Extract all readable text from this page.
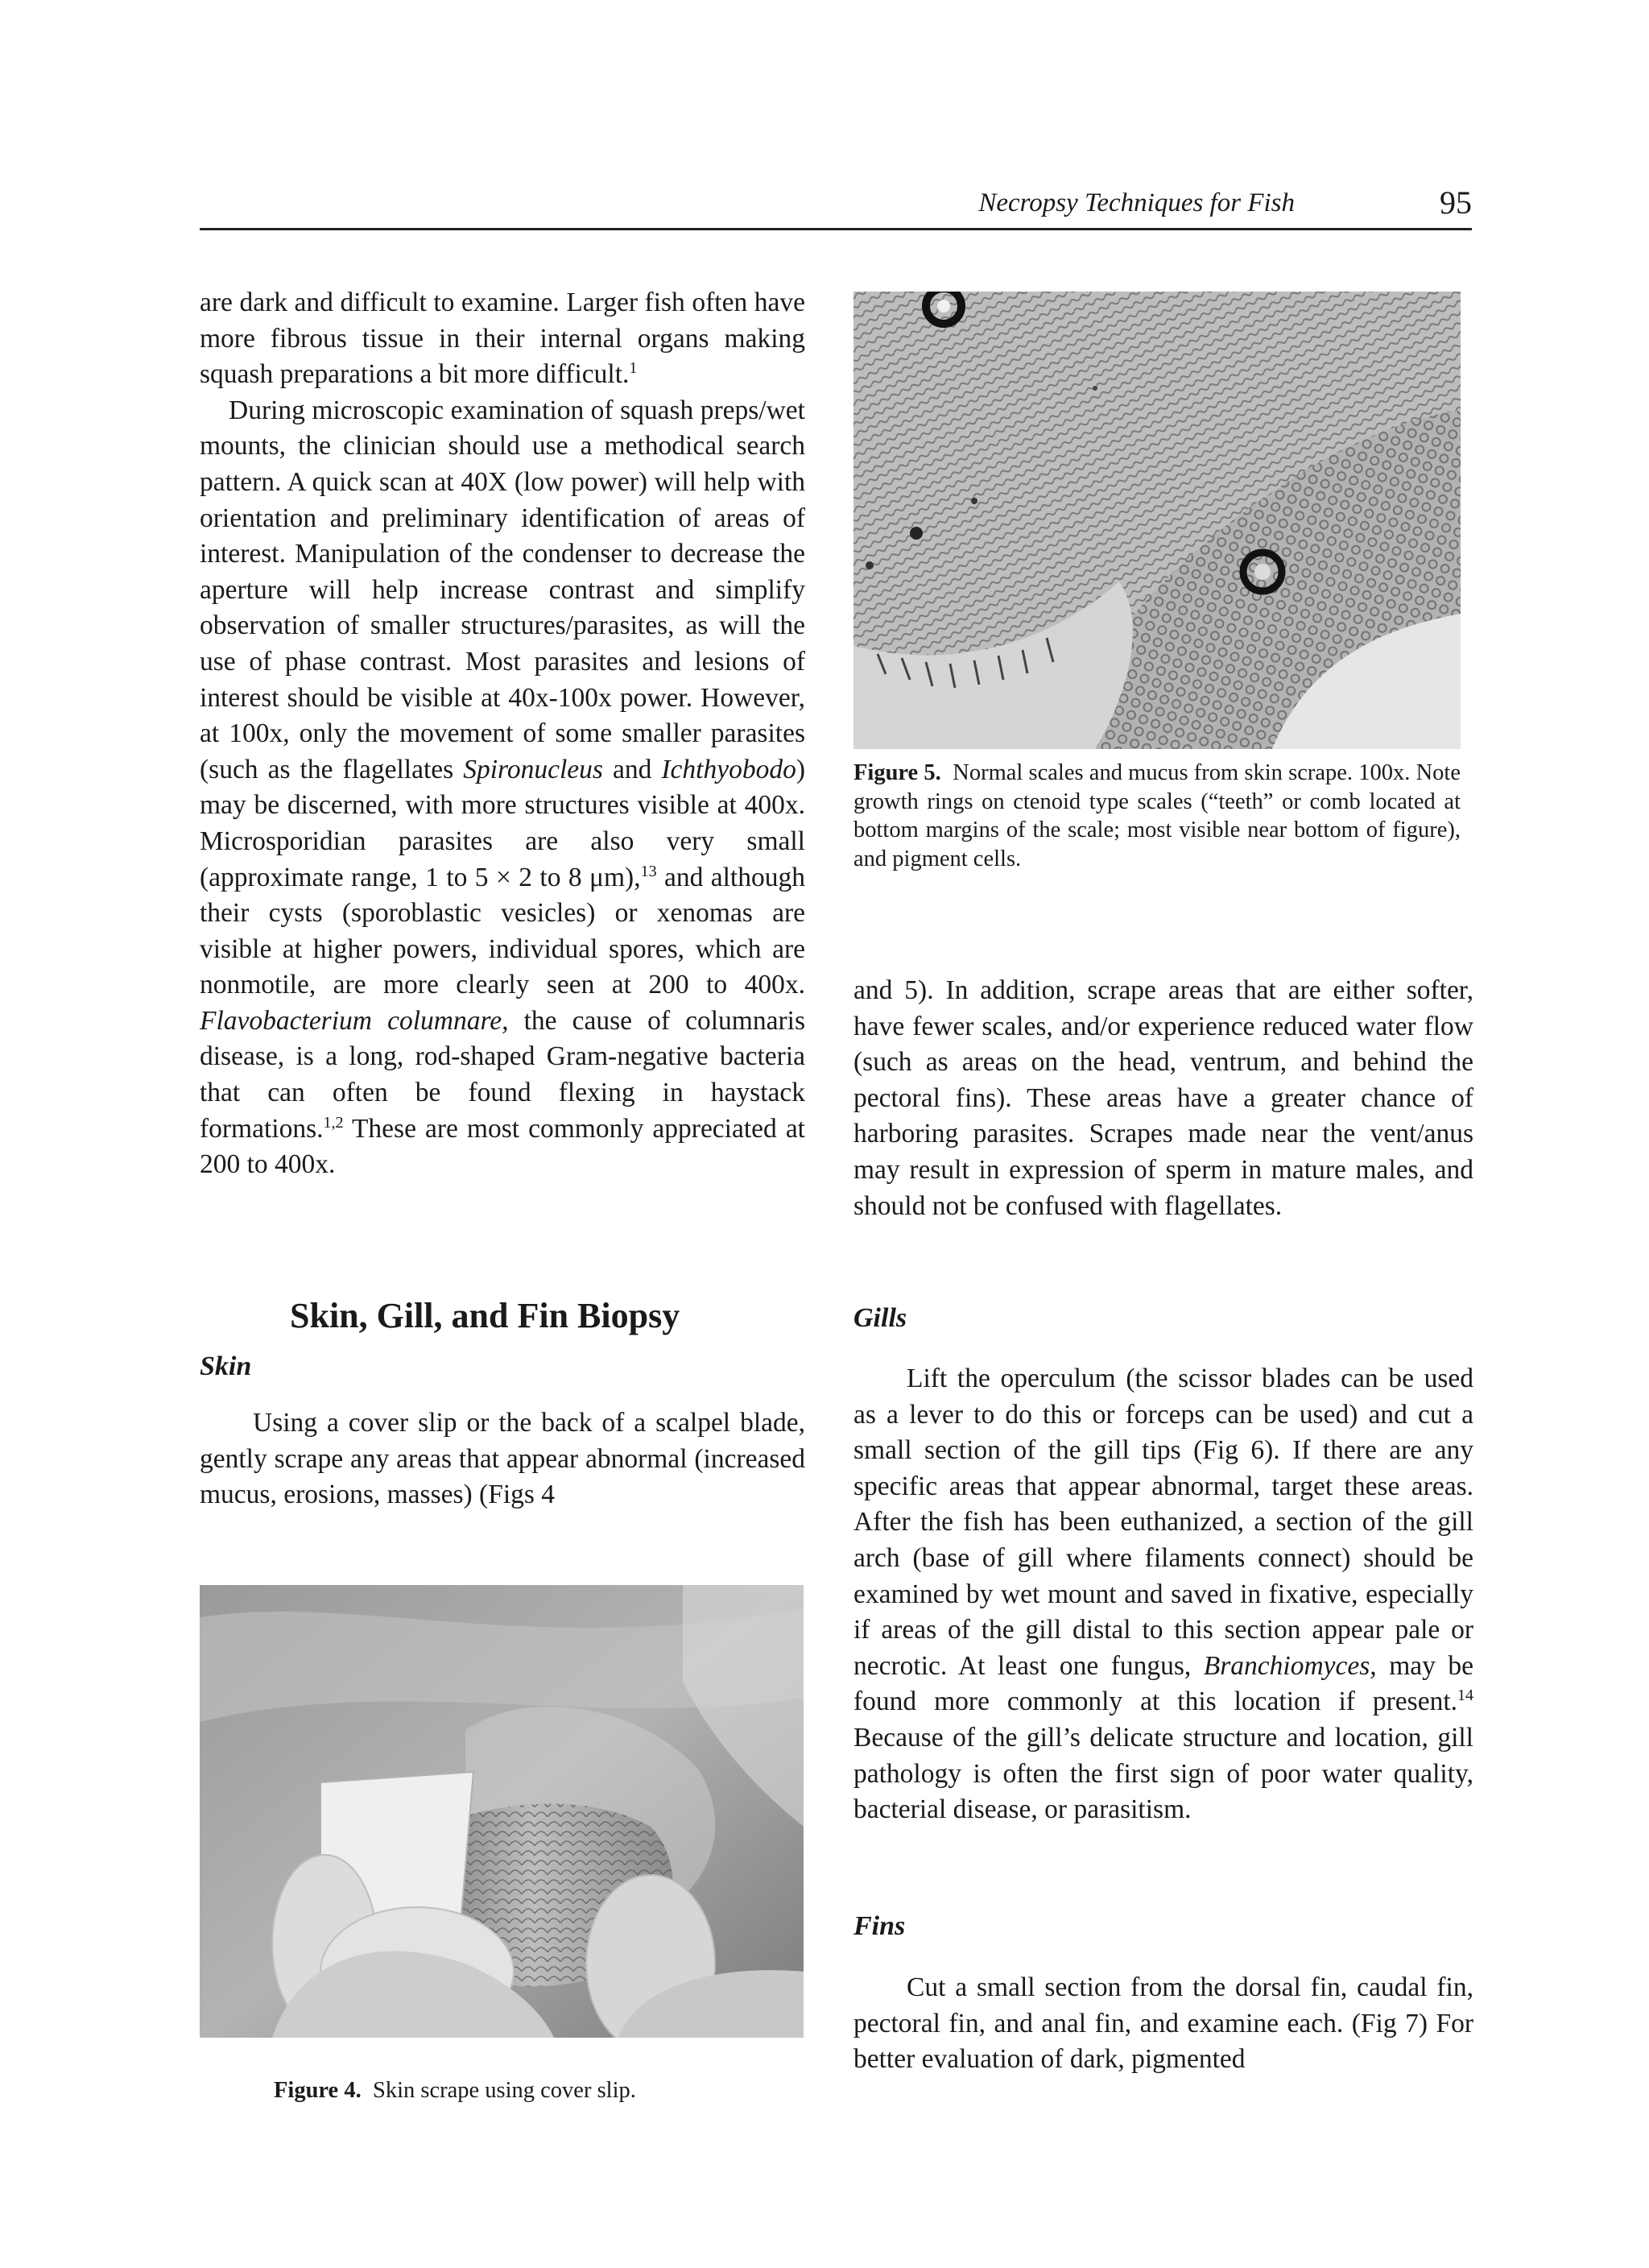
Necropsy Techniques for Fish	95

are dark and difficult to examine. Larger fish often have more fibrous tissue in their internal organs making squash preparations a bit more difficult.$^1$

During microscopic examination of squash preps/wet mounts, the clinician should use a methodical search pattern. A quick scan at 40X (low power) will help with orientation and preliminary identification of areas of interest. Manipulation of the condenser to decrease the aperture will help increase contrast and simplify observation of smaller structures/parasites, as will the use of phase contrast. Most parasites and lesions of interest should be visible at 40x-100x power. However, at 100x, only the movement of some smaller parasites (such as the flagellates Spironucleus and Ichthyobodo) may be discerned, with more structures visible at 400x. Microsporidian parasites are also very small (approximate range, 1 to 5 × 2 to 8 μm),$^{13}$ and although their cysts (sporoblastic vesicles) or xenomas are visible at higher powers, individual spores, which are nonmotile, are more clearly seen at 200 to 400x. Flavobacterium columnare, the cause of columnaris disease, is a long, rod-shaped Gram-negative bacteria that can often be found flexing in haystack formations.$^{1,2}$ These are most commonly appreciated at 200 to 400x.

Skin, Gill, and Fin Biopsy
Skin

Using a cover slip or the back of a scalpel blade, gently scrape any areas that appear abnormal (increased mucus, erosions, masses) (Figs 4

Figure 4. Skin scrape using cover slip.
Figure 5. Normal scales and mucus from skin scrape. 100x. Note growth rings on ctenoid type scales (“teeth” or comb located at bottom margins of the scale; most visible near bottom of figure), and pigment cells.

and 5). In addition, scrape areas that are either softer, have fewer scales, and/or experience reduced water flow (such as areas on the head, ventrum, and behind the pectoral fins). These areas have a greater chance of harboring parasites. Scrapes made near the vent/anus may result in expression of sperm in mature males, and should not be confused with flagellates.

Gills

Lift the operculum (the scissor blades can be used as a lever to do this or forceps can be used) and cut a small section of the gill tips (Fig 6). If there are any specific areas that appear abnormal, target these areas. After the fish has been euthanized, a section of the gill arch (base of gill where filaments connect) should be examined by wet mount and saved in fixative, especially if areas of the gill distal to this section appear pale or necrotic. At least one fungus, Branchiomyces, may be found more commonly at this location if present.$^{14}$ Because of the gill’s delicate structure and location, gill pathology is often the first sign of poor water quality, bacterial disease, or parasitism.

Fins

Cut a small section from the dorsal fin, caudal fin, pectoral fin, and anal fin, and examine each. (Fig 7) For better evaluation of dark, pigmented
